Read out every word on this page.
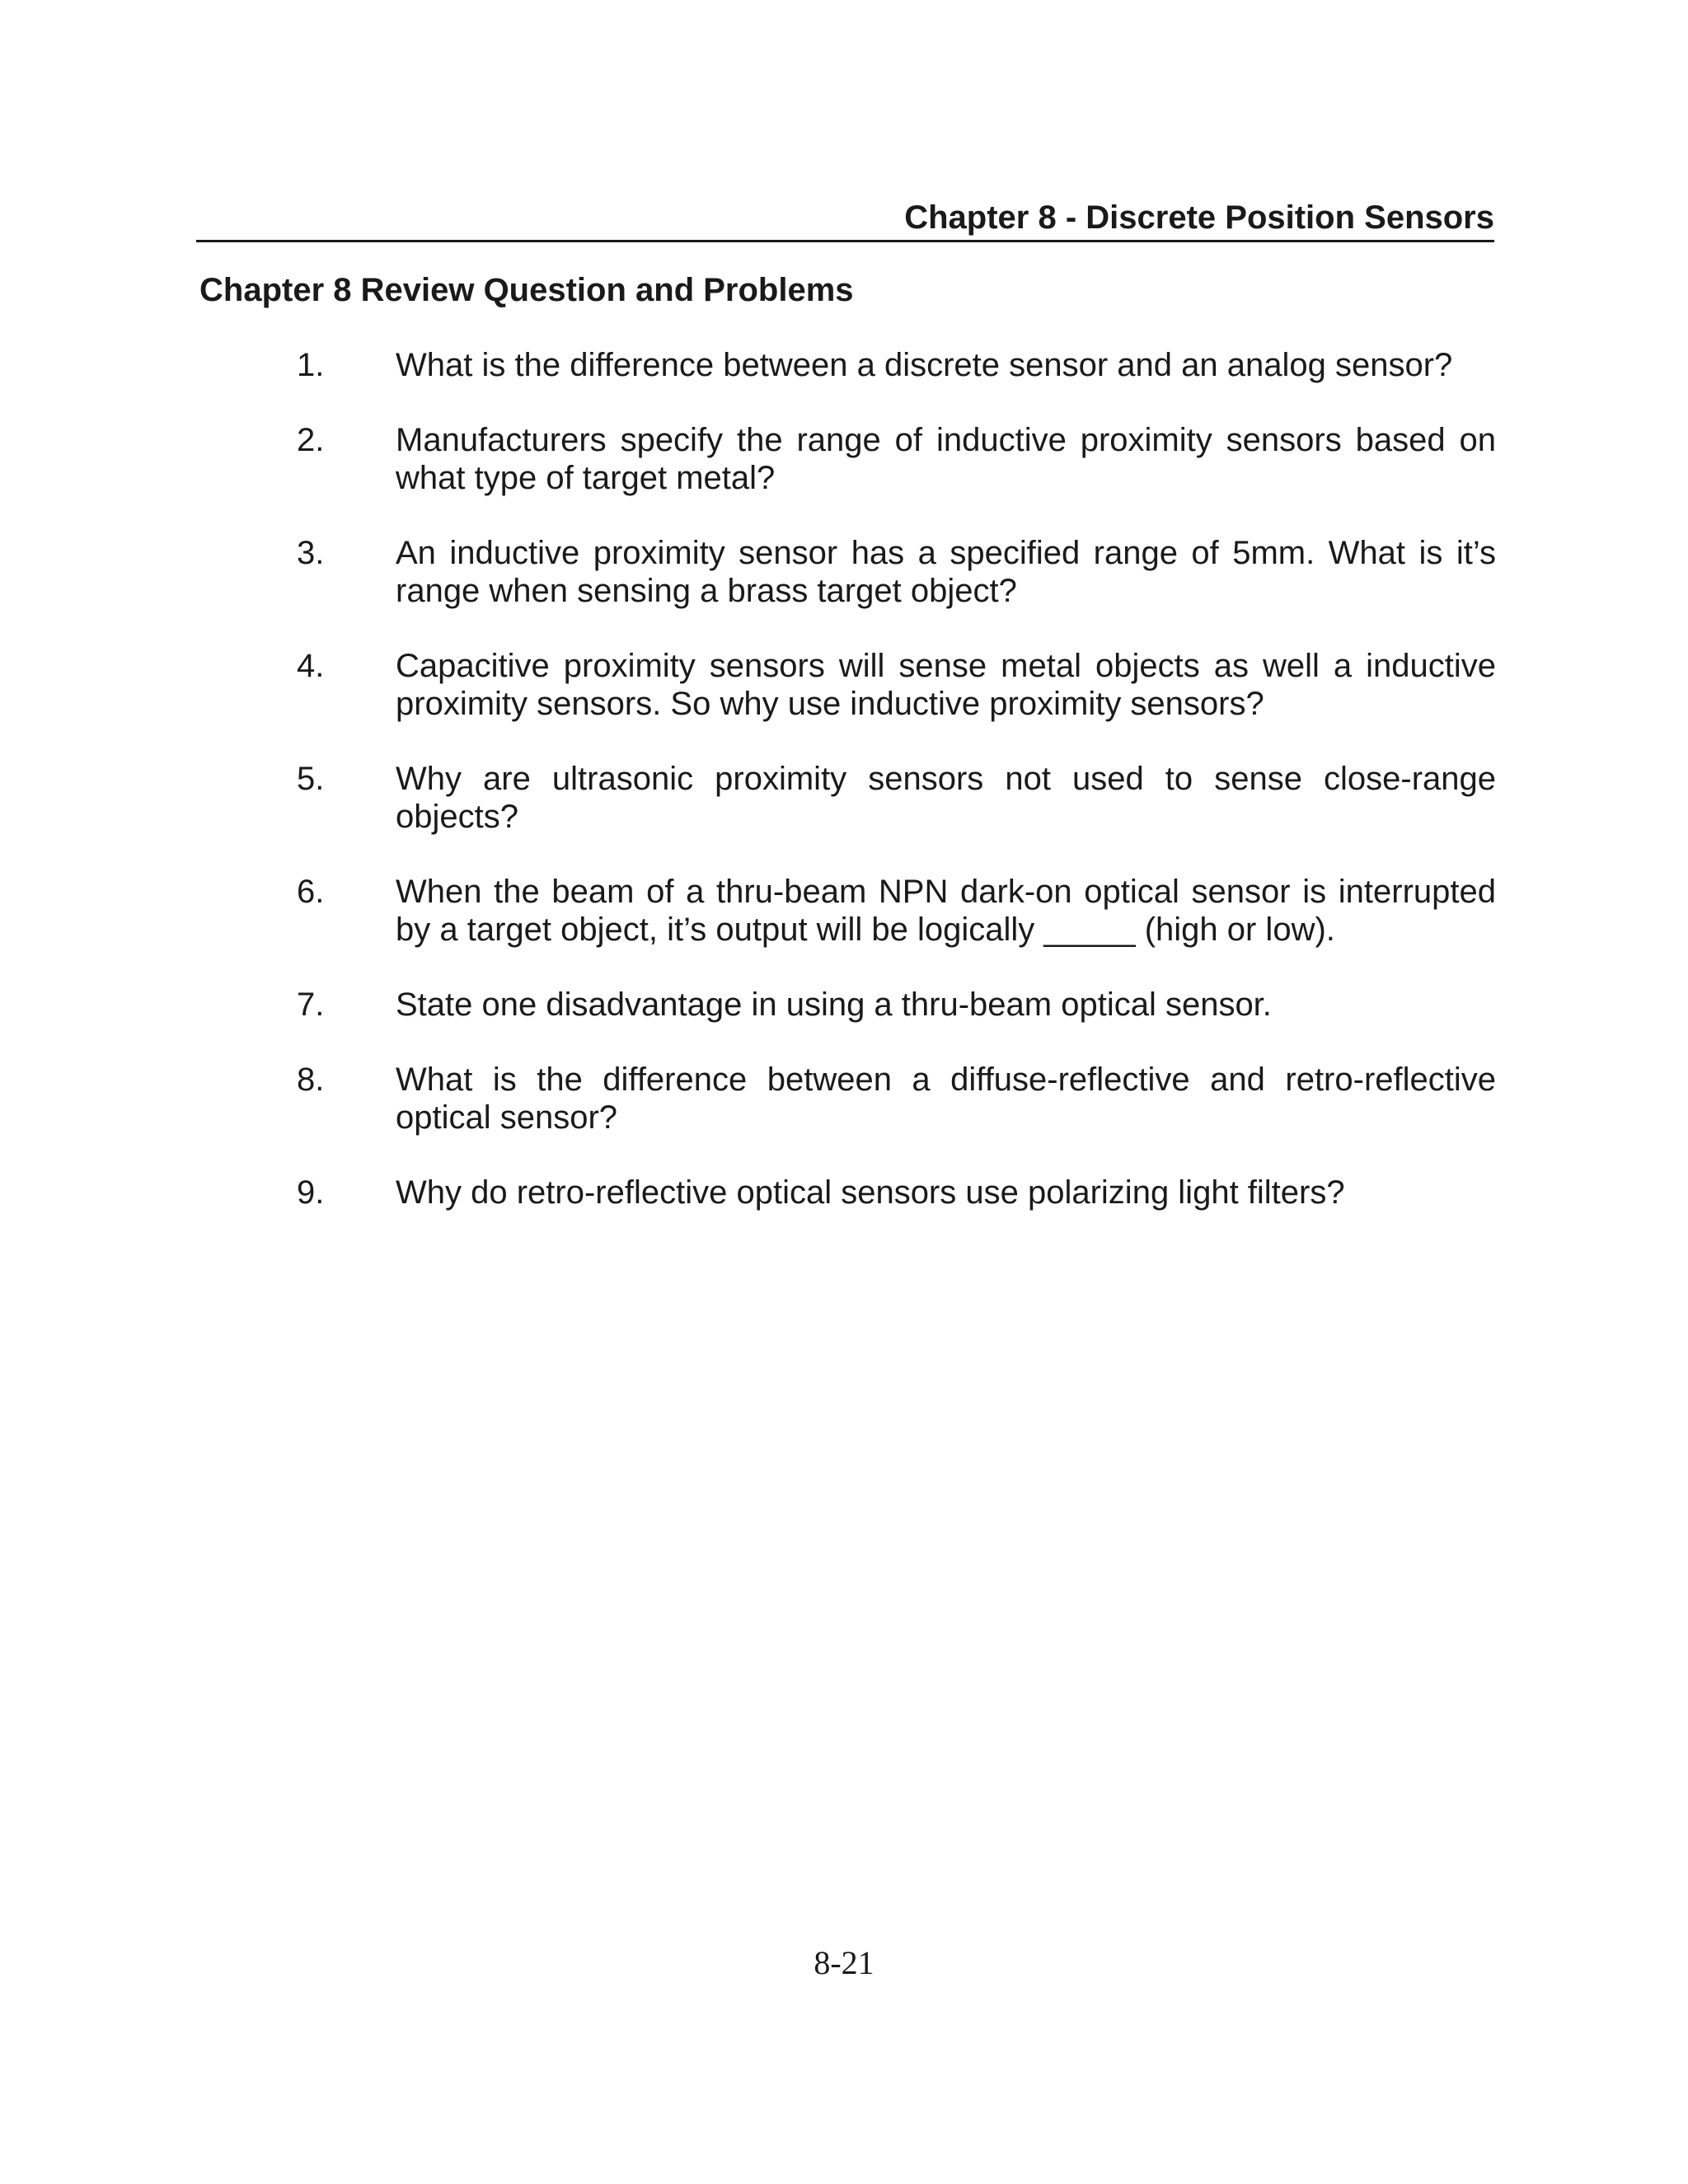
Chapter 8 - Discrete Position Sensors
Chapter 8 Review Question and Problems
1.	What is the difference between a discrete sensor and an analog sensor?
2.	Manufacturers specify the range of inductive proximity sensors based on what type of target metal?
3.	An inductive proximity sensor has a specified range of 5mm. What is it’s range when sensing a brass target object?
4.	Capacitive proximity sensors will sense metal objects as well a inductive proximity sensors. So why use inductive proximity sensors?
5.	Why are ultrasonic proximity sensors not used to sense close-range objects?
6.	When the beam of a thru-beam NPN dark-on optical sensor is interrupted by a target object, it’s output will be logically _____ (high or low).
7.	State one disadvantage in using a thru-beam optical sensor.
8.	What is the difference between a diffuse-reflective and retro-reflective optical sensor?
9.	Why do retro-reflective optical sensors use polarizing light filters?
8-21
